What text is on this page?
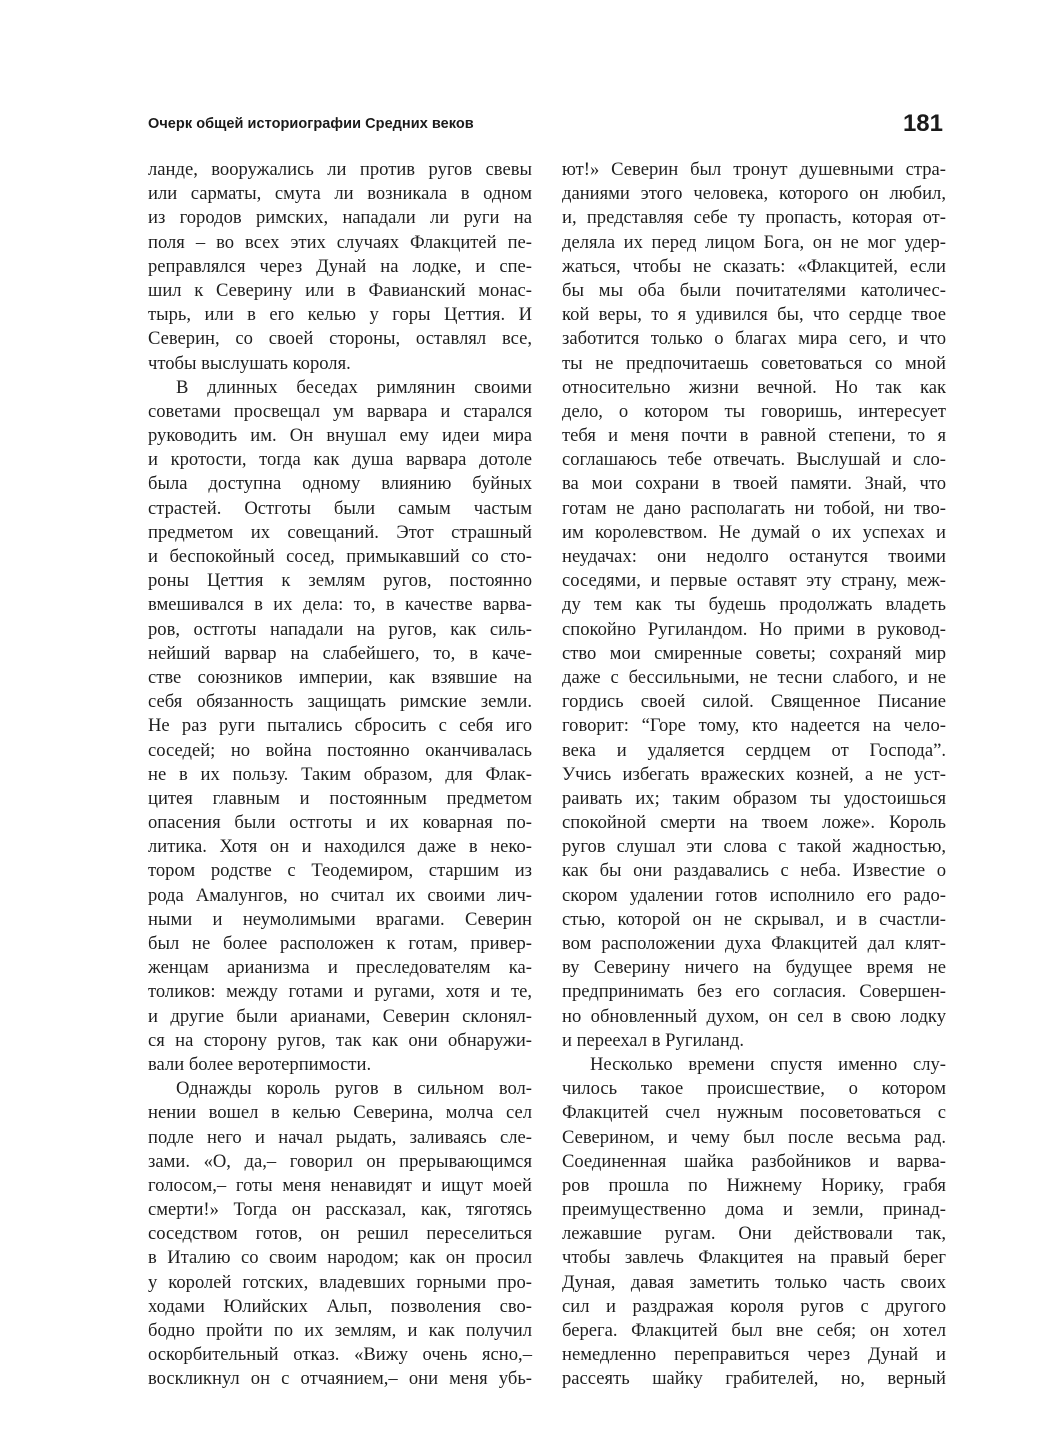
Очерк общей историографии Средних веков	181
ланде, вооружались ли против ругов свевы
или сарматы, смута ли возникала в одном
из городов римских, нападали ли руги на
поля – во всех этих случаях Флакцитей пе-
реправлялся через Дунай на лодке, и спе-
шил к Северину или в Фавианский монас-
тырь, или в его келью у горы Цеттия. И
Северин, со своей стороны, оставлял все,
чтобы выслушать короля.
В длинных беседах римлянин своими
советами просвещал ум варвара и старался
руководить им. Он внушал ему идеи мира
и кротости, тогда как душа варвара дотоле
была доступна одному влиянию буйных
страстей. Остготы были самым частым
предметом их совещаний. Этот страшный
и беспокойный сосед, примыкавший со сто-
роны Цеттия к землям ругов, постоянно
вмешивался в их дела: то, в качестве варва-
ров, остготы нападали на ругов, как силь-
нейший варвар на слабейшего, то, в каче-
стве союзников империи, как взявшие на
себя обязанность защищать римские земли.
Не раз руги пытались сбросить с себя иго
соседей; но война постоянно оканчивалась
не в их пользу. Таким образом, для Флак-
цитея главным и постоянным предметом
опасения были остготы и их коварная по-
литика. Хотя он и находился даже в неко-
тором родстве с Теодемиром, старшим из
рода Амалунгов, но считал их своими лич-
ными и неумолимыми врагами. Северин
был не более расположен к готам, привер-
женцам арианизма и преследователям ка-
толиков: между готами и ругами, хотя и те,
и другие были арианами, Северин склонял-
ся на сторону ругов, так как они обнаружи-
вали более веротерпимости.
Однажды король ругов в сильном вол-
нении вошел в келью Северина, молча сел
подле него и начал рыдать, заливаясь сле-
зами. «О, да,– говорил он прерывающимся
голосом,– готы меня ненавидят и ищут моей
смерти!» Тогда он рассказал, как, тяготясь
соседством готов, он решил переселиться
в Италию со своим народом; как он просил
у королей готских, владевших горными про-
ходами Юлийских Альп, позволения сво-
бодно пройти по их землям, и как получил
оскорбительный отказ. «Вижу очень ясно,–
воскликнул он с отчаянием,– они меня убь-
ют!» Северин был тронут душевными стра-
даниями этого человека, которого он любил,
и, представляя себе ту пропасть, которая от-
деляла их перед лицом Бога, он не мог удер-
жаться, чтобы не сказать: «Флакцитей, если
бы мы оба были почитателями католичес-
кой веры, то я удивился бы, что сердце твое
заботится только о благах мира сего, и что
ты не предпочитаешь советоваться со мной
относительно жизни вечной. Но так как
дело, о котором ты говоришь, интересует
тебя и меня почти в равной степени, то я
соглашаюсь тебе отвечать. Выслушай и сло-
ва мои сохрани в твоей памяти. Знай, что
готам не дано располагать ни тобой, ни тво-
им королевством. Не думай о их успехах и
неудачах: они недолго останутся твоими
соседями, и первые оставят эту страну, меж-
ду тем как ты будешь продолжать владеть
спокойно Ругиландом. Но прими в руковод-
ство мои смиренные советы; сохраняй мир
даже с бессильными, не тесни слабого, и не
гордись своей силой. Священное Писание
говорит: “Горе тому, кто надеется на чело-
века и удаляется сердцем от Господа”.
Учись избегать вражеских козней, а не уст-
раивать их; таким образом ты удостоишься
спокойной смерти на твоем ложе». Король
ругов слушал эти слова с такой жадностью,
как бы они раздавались с неба. Известие о
скором удалении готов исполнило его радо-
стью, которой он не скрывал, и в счастли-
вом расположении духа Флакцитей дал клят-
ву Северину ничего на будущее время не
предпринимать без его согласия. Совершен-
но обновленный духом, он сел в свою лодку
и переехал в Ругиланд.
Несколько времени спустя именно слу-
чилось такое происшествие, о котором
Флакцитей счел нужным посоветоваться с
Северином, и чему был после весьма рад.
Соединенная шайка разбойников и варва-
ров прошла по Нижнему Норику, грабя
преимущественно дома и земли, принад-
лежавшие ругам. Они действовали так,
чтобы завлечь Флакцитея на правый берег
Дуная, давая заметить только часть своих
сил и раздражая короля ругов с другого
берега. Флакцитей был вне себя; он хотел
немедленно переправиться через Дунай и
рассеять шайку грабителей, но, верный
